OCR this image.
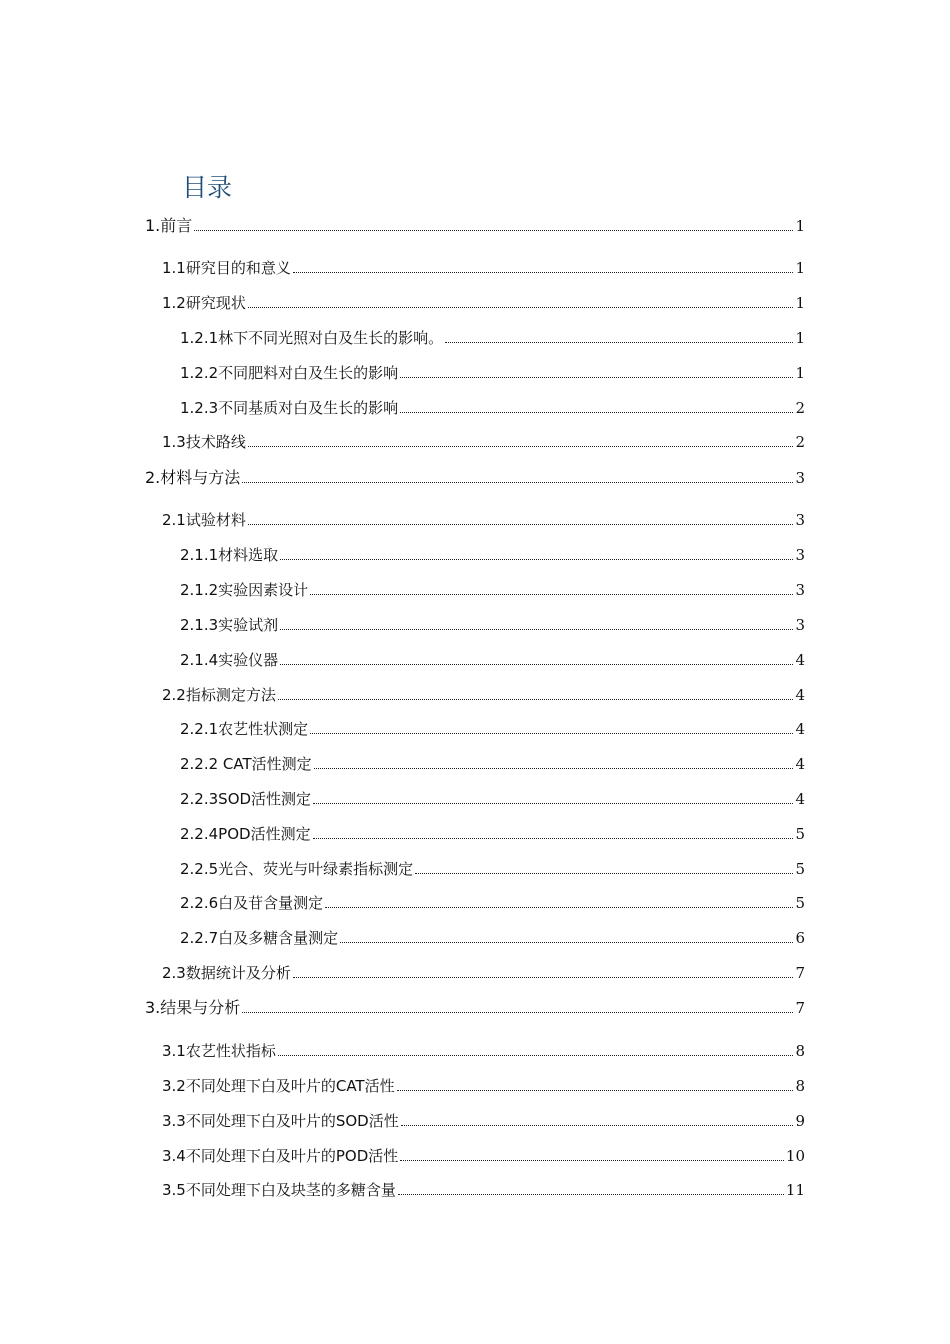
目录
1.前言	1
1.1研究目的和意义	1
1.2研究现状	1
1.2.1林下不同光照对白及生长的影响。	1
1.2.2不同肥料对白及生长的影响	1
1.2.3不同基质对白及生长的影响	2
1.3技术路线	2
2.材料与方法	3
2.1试验材料	3
2.1.1材料选取	3
2.1.2实验因素设计	3
2.1.3实验试剂	3
2.1.4实验仪器	4
2.2指标测定方法	4
2.2.1农艺性状测定	4
2.2.2 CAT活性测定	4
2.2.3SOD活性测定	4
2.2.4POD活性测定	5
2.2.5光合、荧光与叶绿素指标测定	5
2.2.6白及苷含量测定	5
2.2.7白及多糖含量测定	6
2.3数据统计及分析	7
3.结果与分析	7
3.1农艺性状指标	8
3.2不同处理下白及叶片的CAT活性	8
3.3不同处理下白及叶片的SOD活性	9
3.4不同处理下白及叶片的POD活性	10
3.5不同处理下白及块茎的多糖含量	11
